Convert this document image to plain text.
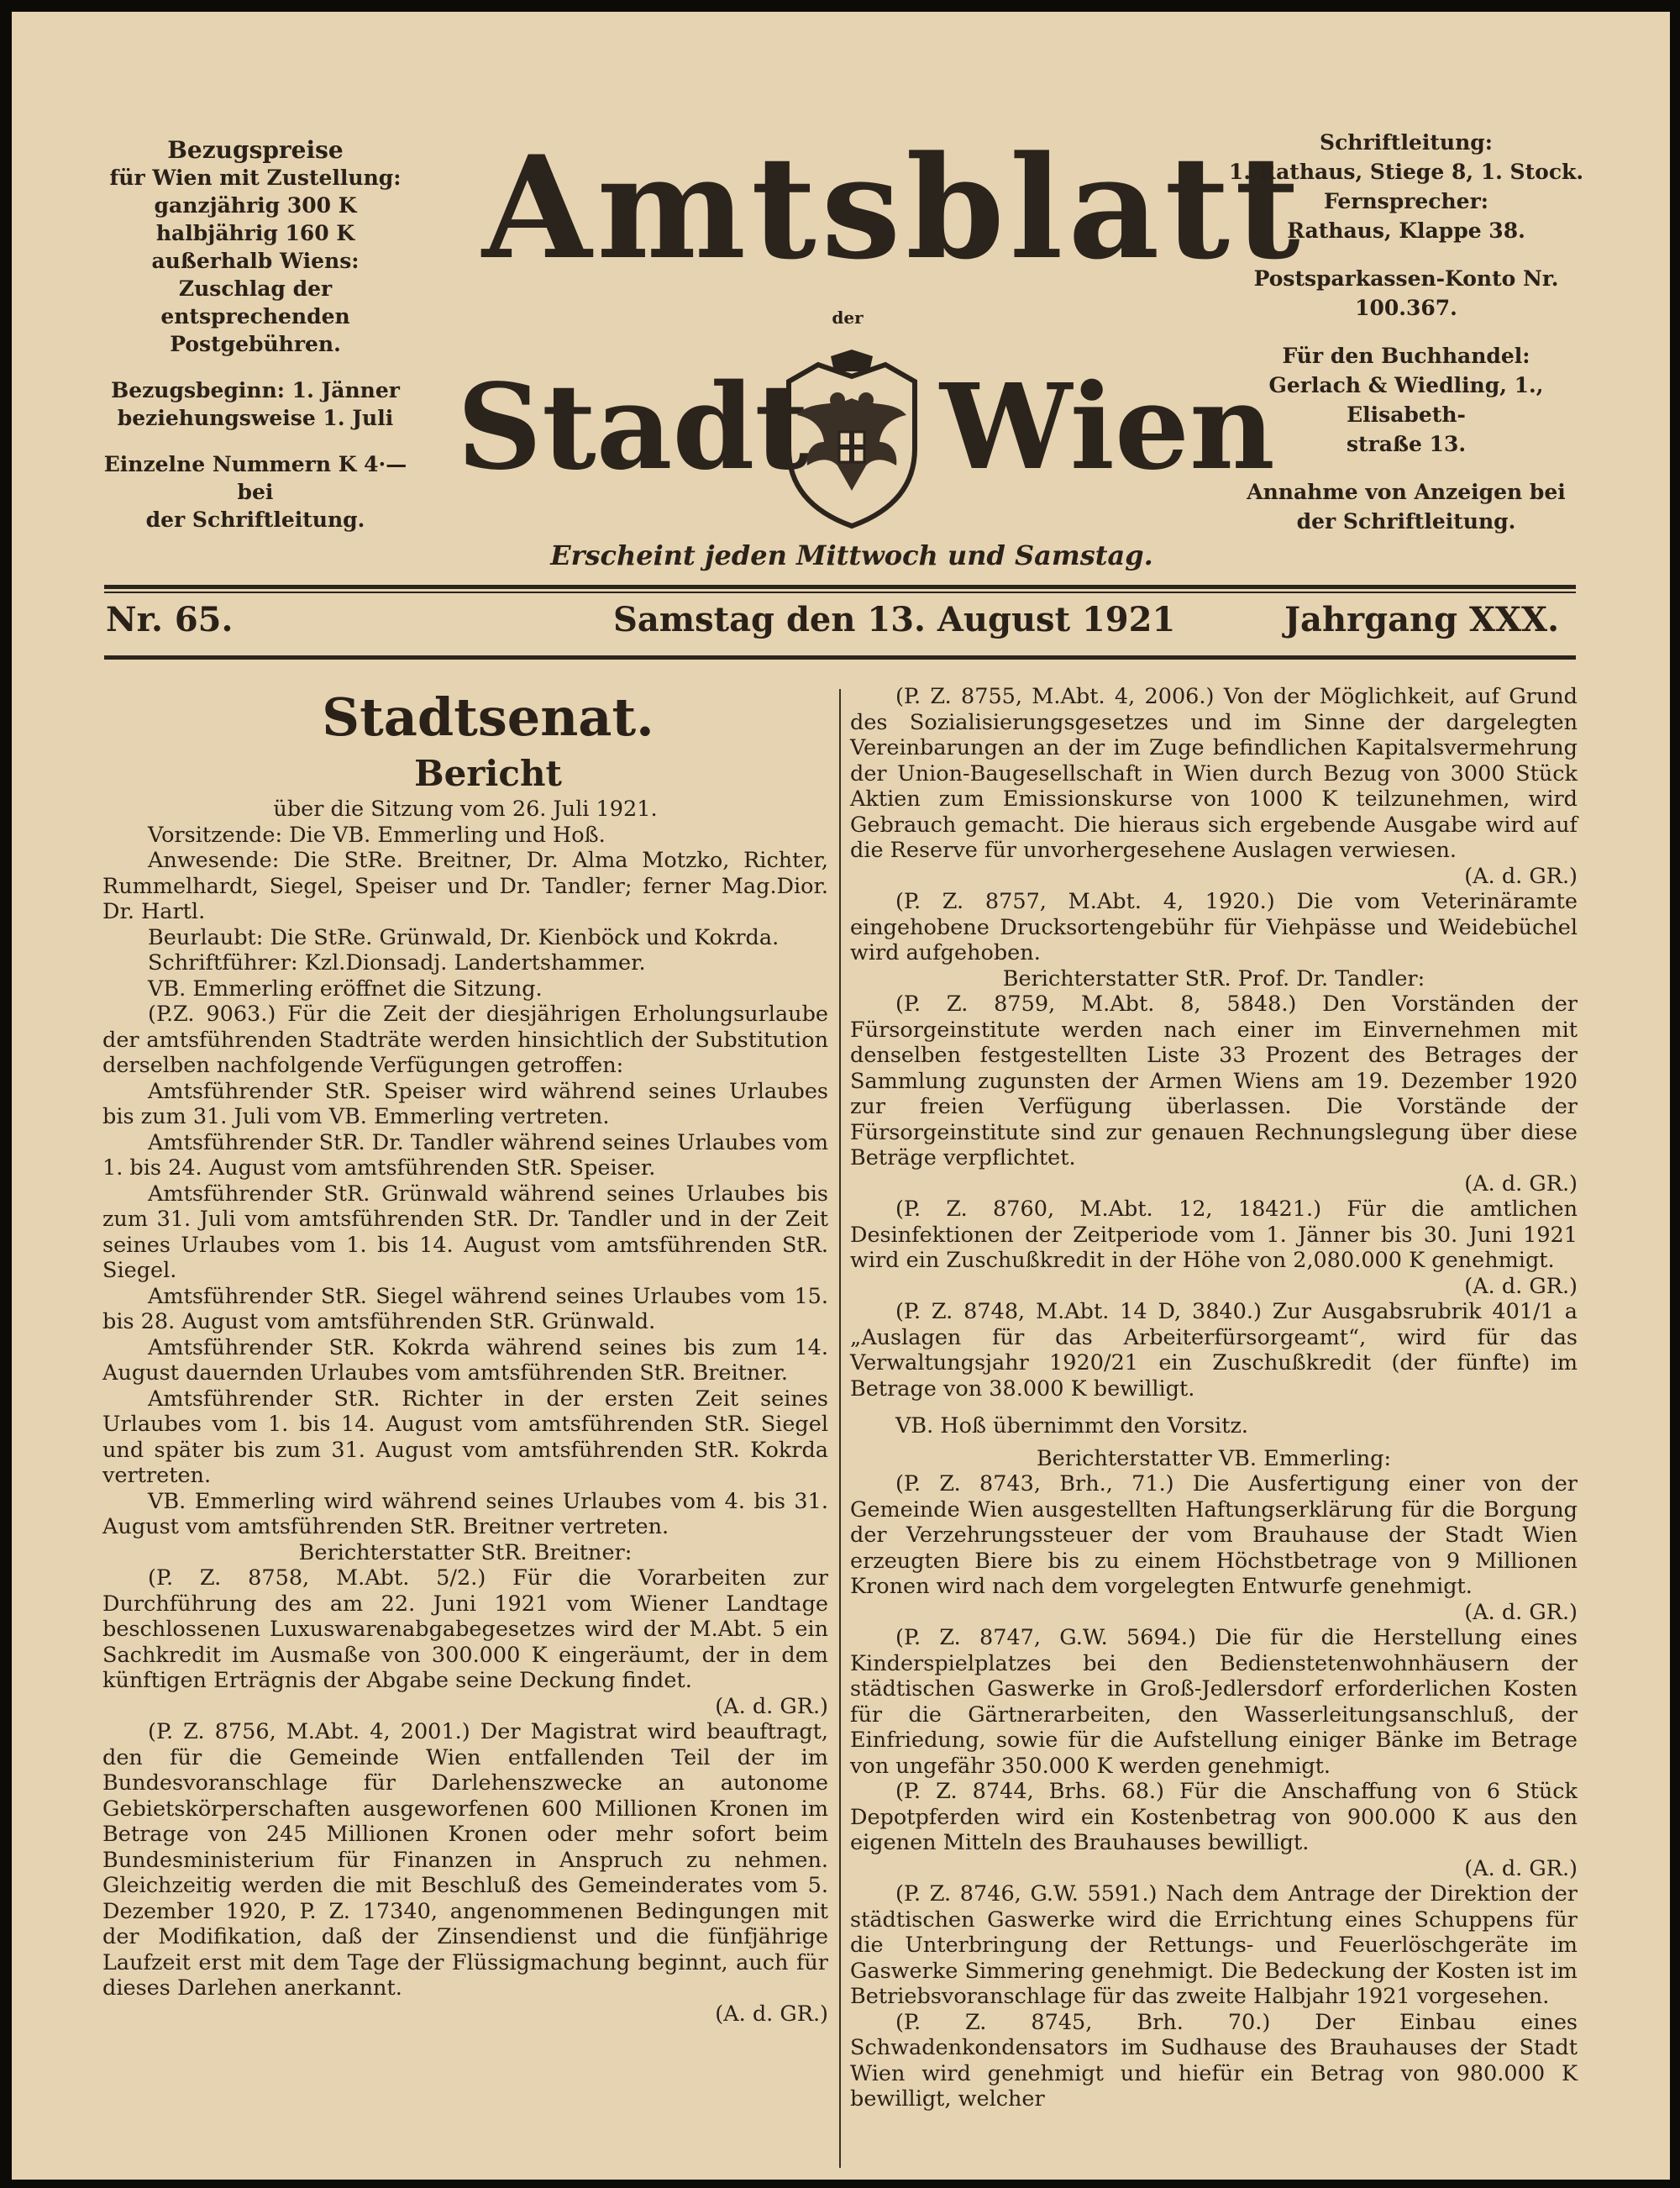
Bezugspreise
für Wien mit Zustellung:
ganzjährig 300 K
halbjährig 160 K
außerhalb Wiens:
Zuschlag der entsprechenden
Postgebühren.
Bezugsbeginn: 1. Jänner
beziehungsweise 1. Juli
Einzelne Nummern K 4·— bei
der Schriftleitung.
Amtsblatt
der
Stadt Wien
Erscheint jeden Mittwoch und Samstag.
Schriftleitung:
1. Rathaus, Stiege 8, 1. Stock.
Fernsprecher:
Rathaus, Klappe 38.
Postsparkassen-Konto Nr. 100.367.
Für den Buchhandel:
Gerlach & Wiedling, 1., Elisabeth-
straße 13.
Annahme von Anzeigen bei
der Schriftleitung.
Nr. 65.	Samstag den 13. August 1921	Jahrgang XXX.

Stadtsenat.

Bericht

über die Sitzung vom 26. Juli 1921.

Vorsitzende: Die VB. Emmerling und Hoß.

Anwesende: Die StRe. Breitner, Dr. Alma Motzko, Richter, Rummelhardt, Siegel, Speiser und Dr. Tandler; ferner Mag.Dior. Dr. Hartl.

Beurlaubt: Die StRe. Grünwald, Dr. Kienböck und Kokrda.

Schriftführer: Kzl.Dionsadj. Landertshammer.

VB. Emmerling eröffnet die Sitzung.

(P.Z. 9063.) Für die Zeit der diesjährigen Erholungsurlaube der amtsführenden Stadträte werden hinsichtlich der Substitution derselben nachfolgende Verfügungen getroffen:

Amtsführender StR. Speiser wird während seines Urlaubes bis zum 31. Juli vom VB. Emmerling vertreten.

Amtsführender StR. Dr. Tandler während seines Urlaubes vom 1. bis 24. August vom amtsführenden StR. Speiser.

Amtsführender StR. Grünwald während seines Urlaubes bis zum 31. Juli vom amtsführenden StR. Dr. Tandler und in der Zeit seines Urlaubes vom 1. bis 14. August vom amtsführenden StR. Siegel.

Amtsführender StR. Siegel während seines Urlaubes vom 15. bis 28. August vom amtsführenden StR. Grünwald.

Amtsführender StR. Kokrda während seines bis zum 14. August dauernden Urlaubes vom amtsführenden StR. Breitner.

Amtsführender StR. Richter in der ersten Zeit seines Urlaubes vom 1. bis 14. August vom amtsführenden StR. Siegel und später bis zum 31. August vom amtsführenden StR. Kokrda vertreten.

VB. Emmerling wird während seines Urlaubes vom 4. bis 31. August vom amtsführenden StR. Breitner vertreten.

Berichterstatter StR. Breitner:

(P. Z. 8758, M.Abt. 5/2.) Für die Vorarbeiten zur Durchführung des am 22. Juni 1921 vom Wiener Landtage beschlossenen Luxuswarenabgabegesetzes wird der M.Abt. 5 ein Sachkredit im Ausmaße von 300.000 K eingeräumt, der in dem künftigen Erträgnis der Abgabe seine Deckung findet.

(A. d. GR.)

(P. Z. 8756, M.Abt. 4, 2001.) Der Magistrat wird beauftragt, den für die Gemeinde Wien entfallenden Teil der im Bundesvoranschlage für Darlehenszwecke an autonome Gebietskörperschaften ausgeworfenen 600 Millionen Kronen im Betrage von 245 Millionen Kronen oder mehr sofort beim Bundesministerium für Finanzen in Anspruch zu nehmen. Gleichzeitig werden die mit Beschluß des Gemeinderates vom 5. Dezember 1920, P. Z. 17340, angenommenen Bedingungen mit der Modifikation, daß der Zinsendienst und die fünfjährige Laufzeit erst mit dem Tage der Flüssigmachung beginnt, auch für dieses Darlehen anerkannt.

(A. d. GR.)

(P. Z. 8755, M.Abt. 4, 2006.) Von der Möglichkeit, auf Grund des Sozialisierungsgesetzes und im Sinne der dargelegten Vereinbarungen an der im Zuge befindlichen Kapitalsvermehrung der Union-Baugesellschaft in Wien durch Bezug von 3000 Stück Aktien zum Emissionskurse von 1000 K teilzunehmen, wird Gebrauch gemacht. Die hieraus sich ergebende Ausgabe wird auf die Reserve für unvorhergesehene Auslagen verwiesen.

(A. d. GR.)

(P. Z. 8757, M.Abt. 4, 1920.) Die vom Veterinäramte eingehobene Drucksortengebühr für Viehpässe und Weidebüchel wird aufgehoben.

Berichterstatter StR. Prof. Dr. Tandler:

(P. Z. 8759, M.Abt. 8, 5848.) Den Vorständen der Fürsorgeinstitute werden nach einer im Einvernehmen mit denselben festgestellten Liste 33 Prozent des Betrages der Sammlung zugunsten der Armen Wiens am 19. Dezember 1920 zur freien Verfügung überlassen. Die Vorstände der Fürsorgeinstitute sind zur genauen Rechnungslegung über diese Beträge verpflichtet.

(A. d. GR.)

(P. Z. 8760, M.Abt. 12, 18421.) Für die amtlichen Desinfektionen der Zeitperiode vom 1. Jänner bis 30. Juni 1921 wird ein Zuschußkredit in der Höhe von 2,080.000 K genehmigt.

(A. d. GR.)

(P. Z. 8748, M.Abt. 14 D, 3840.) Zur Ausgabsrubrik 401/1 a „Auslagen für das Arbeiterfürsorgeamt“, wird für das Verwaltungsjahr 1920/21 ein Zuschußkredit (der fünfte) im Betrage von 38.000 K bewilligt.

VB. Hoß übernimmt den Vorsitz.

Berichterstatter VB. Emmerling:

(P. Z. 8743, Brh., 71.) Die Ausfertigung einer von der Gemeinde Wien ausgestellten Haftungserklärung für die Borgung der Verzehrungssteuer der vom Brauhause der Stadt Wien erzeugten Biere bis zu einem Höchstbetrage von 9 Millionen Kronen wird nach dem vorgelegten Entwurfe genehmigt.

(A. d. GR.)

(P. Z. 8747, G.W. 5694.) Die für die Herstellung eines Kinderspielplatzes bei den Bedienstetenwohnhäusern der städtischen Gaswerke in Groß-Jedlersdorf erforderlichen Kosten für die Gärtnerarbeiten, den Wasserleitungsanschluß, der Einfriedung, sowie für die Aufstellung einiger Bänke im Betrage von ungefähr 350.000 K werden genehmigt.

(P. Z. 8744, Brhs. 68.) Für die Anschaffung von 6 Stück Depotpferden wird ein Kostenbetrag von 900.000 K aus den eigenen Mitteln des Brauhauses bewilligt.

(A. d. GR.)

(P. Z. 8746, G.W. 5591.) Nach dem Antrage der Direktion der städtischen Gaswerke wird die Errichtung eines Schuppens für die Unterbringung der Rettungs- und Feuerlöschgeräte im Gaswerke Simmering genehmigt. Die Bedeckung der Kosten ist im Betriebsvoranschlage für das zweite Halbjahr 1921 vorgesehen.

(P. Z. 8745, Brh. 70.) Der Einbau eines Schwadenkondensators im Sudhause des Brauhauses der Stadt Wien wird genehmigt und hiefür ein Betrag von 980.000 K bewilligt, welcher
